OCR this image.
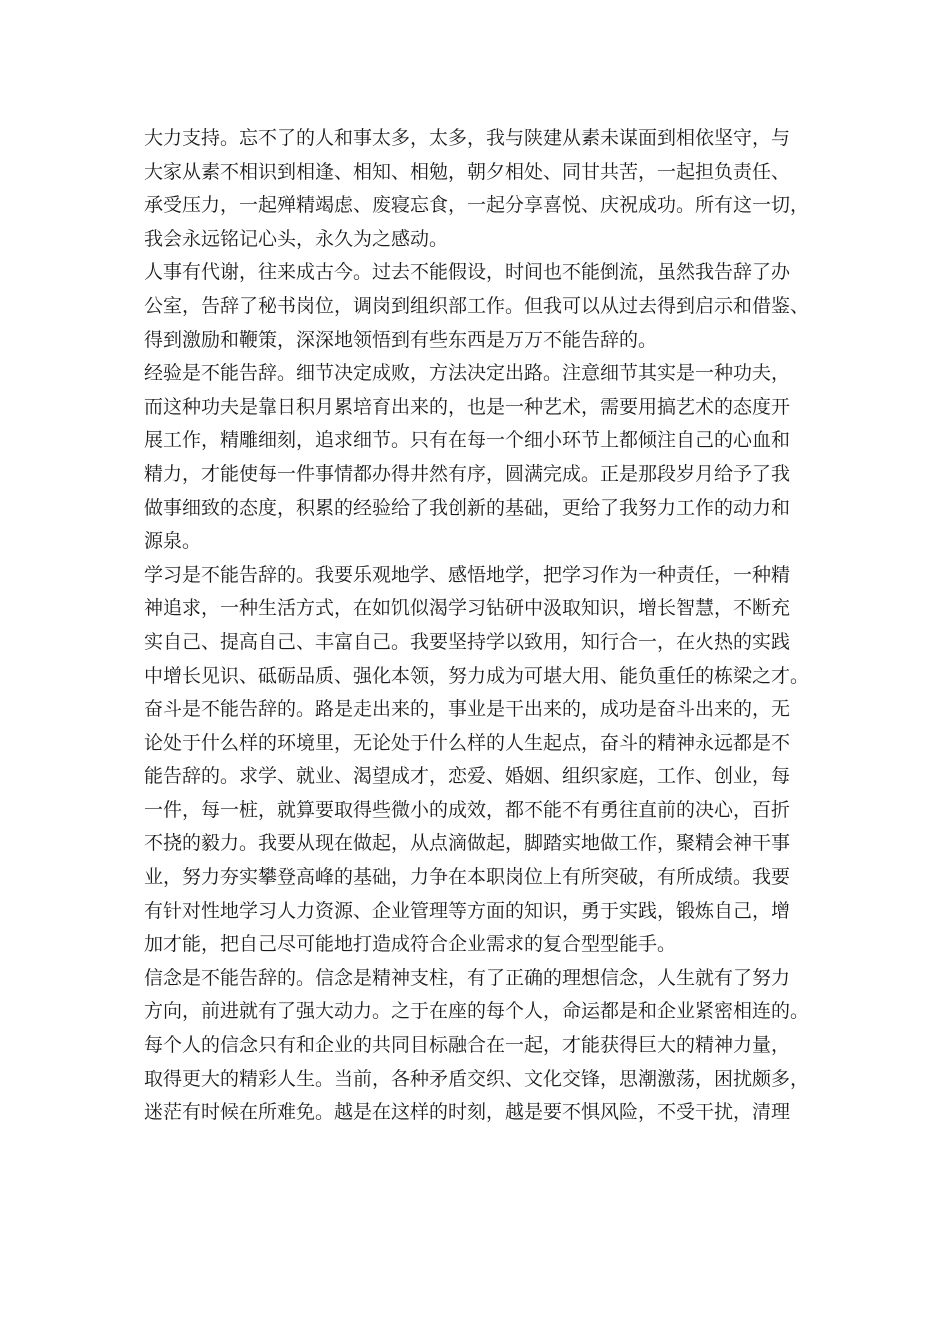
大力支持。忘不了的人和事太多，太多，我与陕建从素未谋面到相依坚守，与
大家从素不相识到相逢、相知、相勉，朝夕相处、同甘共苦，一起担负责任、
承受压力，一起殚精竭虑、废寝忘食，一起分享喜悦、庆祝成功。所有这一切，
我会永远铭记心头，永久为之感动。
人事有代谢，往来成古今。过去不能假设，时间也不能倒流，虽然我告辞了办
公室，告辞了秘书岗位，调岗到组织部工作。但我可以从过去得到启示和借鉴、
得到激励和鞭策，深深地领悟到有些东西是万万不能告辞的。
经验是不能告辞。细节决定成败，方法决定出路。注意细节其实是一种功夫，
而这种功夫是靠日积月累培育出来的，也是一种艺术，需要用搞艺术的态度开
展工作，精雕细刻，追求细节。只有在每一个细小环节上都倾注自己的心血和
精力，才能使每一件事情都办得井然有序，圆满完成。正是那段岁月给予了我
做事细致的态度，积累的经验给了我创新的基础，更给了我努力工作的动力和
源泉。
学习是不能告辞的。我要乐观地学、感悟地学，把学习作为一种责任，一种精
神追求，一种生活方式，在如饥似渴学习钻研中汲取知识，增长智慧，不断充
实自己、提高自己、丰富自己。我要坚持学以致用，知行合一，在火热的实践
中增长见识、砥砺品质、强化本领，努力成为可堪大用、能负重任的栋梁之才。
奋斗是不能告辞的。路是走出来的，事业是干出来的，成功是奋斗出来的，无
论处于什么样的环境里，无论处于什么样的人生起点，奋斗的精神永远都是不
能告辞的。求学、就业、渴望成才，恋爱、婚姻、组织家庭，工作、创业，每
一件，每一桩，就算要取得些微小的成效，都不能不有勇往直前的决心，百折
不挠的毅力。我要从现在做起，从点滴做起，脚踏实地做工作，聚精会神干事
业，努力夯实攀登高峰的基础，力争在本职岗位上有所突破，有所成绩。我要
有针对性地学习人力资源、企业管理等方面的知识，勇于实践，锻炼自己，增
加才能，把自己尽可能地打造成符合企业需求的复合型型能手。
信念是不能告辞的。信念是精神支柱，有了正确的理想信念，人生就有了努力
方向，前进就有了强大动力。之于在座的每个人，命运都是和企业紧密相连的。
每个人的信念只有和企业的共同目标融合在一起，才能获得巨大的精神力量，
取得更大的精彩人生。当前，各种矛盾交织、文化交锋，思潮激荡，困扰颇多，
迷茫有时候在所难免。越是在这样的时刻，越是要不惧风险，不受干扰，清理
